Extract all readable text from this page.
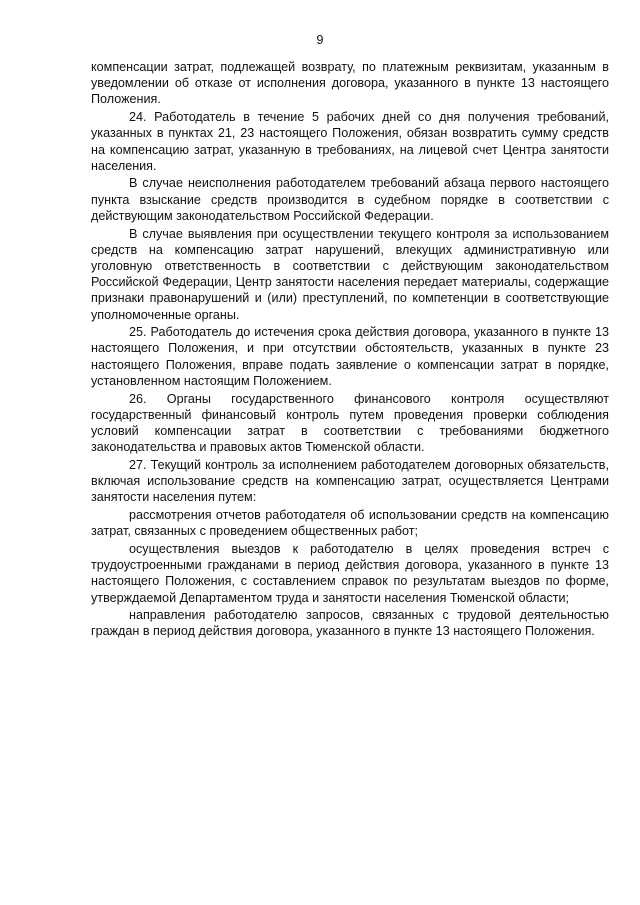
9

компенсации затрат, подлежащей возврату, по платежным реквизитам, указанным в уведомлении об отказе от исполнения договора, указанного в пункте 13 настоящего Положения.

24. Работодатель в течение 5 рабочих дней со дня получения требований, указанных в пунктах 21, 23 настоящего Положения, обязан возвратить сумму средств на компенсацию затрат, указанную в требованиях, на лицевой счет Центра занятости населения.

В случае неисполнения работодателем требований абзаца первого настоящего пункта взыскание средств производится в судебном порядке в соответствии с действующим законодательством Российской Федерации.

В случае выявления при осуществлении текущего контроля за использованием средств на компенсацию затрат нарушений, влекущих административную или уголовную ответственность в соответствии с действующим законодательством Российской Федерации, Центр занятости населения передает материалы, содержащие признаки правонарушений и (или) преступлений, по компетенции в соответствующие уполномоченные органы.

25. Работодатель до истечения срока действия договора, указанного в пункте 13 настоящего Положения, и при отсутствии обстоятельств, указанных в пункте 23 настоящего Положения, вправе подать заявление о компенсации затрат в порядке, установленном настоящим Положением.

26. Органы государственного финансового контроля осуществляют государственный финансовый контроль путем проведения проверки соблюдения условий компенсации затрат в соответствии с требованиями бюджетного законодательства и правовых актов Тюменской области.

27. Текущий контроль за исполнением работодателем договорных обязательств, включая использование средств на компенсацию затрат, осуществляется Центрами занятости населения путем:

рассмотрения отчетов работодателя об использовании средств на компенсацию затрат, связанных с проведением общественных работ;

осуществления выездов к работодателю в целях проведения встреч с трудоустроенными гражданами в период действия договора, указанного в пункте 13 настоящего Положения, с составлением справок по результатам выездов по форме, утверждаемой Департаментом труда и занятости населения Тюменской области;

направления работодателю запросов, связанных с трудовой деятельностью граждан в период действия договора, указанного в пункте 13 настоящего Положения.
